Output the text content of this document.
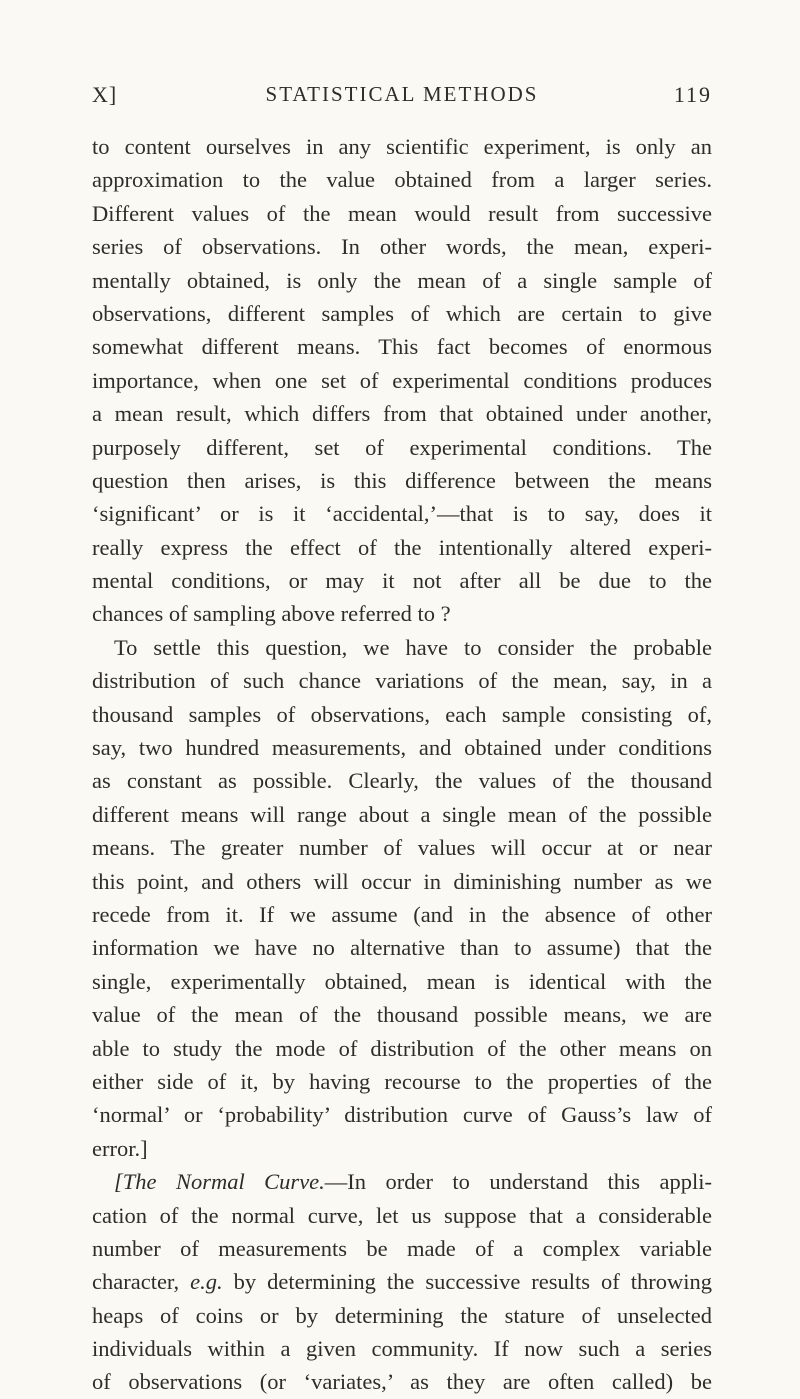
X]	STATISTICAL METHODS	119
to content ourselves in any scientific experiment, is only an
approximation to the value obtained from a larger series.
Different values of the mean would result from successive
series of observations. In other words, the mean, experi-
mentally obtained, is only the mean of a single sample of
observations, different samples of which are certain to give
somewhat different means. This fact becomes of enormous
importance, when one set of experimental conditions produces
a mean result, which differs from that obtained under another,
purposely different, set of experimental conditions. The
question then arises, is this difference between the means
‘significant’ or is it ‘accidental,’—that is to say, does it
really express the effect of the intentionally altered experi-
mental conditions, or may it not after all be due to the
chances of sampling above referred to ?
To settle this question, we have to consider the probable
distribution of such chance variations of the mean, say, in a
thousand samples of observations, each sample consisting of,
say, two hundred measurements, and obtained under conditions
as constant as possible. Clearly, the values of the thousand
different means will range about a single mean of the possible
means. The greater number of values will occur at or near
this point, and others will occur in diminishing number as we
recede from it. If we assume (and in the absence of other
information we have no alternative than to assume) that the
single, experimentally obtained, mean is identical with the
value of the mean of the thousand possible means, we are
able to study the mode of distribution of the other means on
either side of it, by having recourse to the properties of the
‘normal’ or ‘probability’ distribution curve of Gauss’s law of
error.]
[The Normal Curve.—In order to understand this appli-
cation of the normal curve, let us suppose that a considerable
number of measurements be made of a complex variable
character, e.g. by determining the successive results of throwing
heaps of coins or by determining the stature of unselected
individuals within a given community. If now such a series
of observations (or ‘variates,’ as they are often called) be
